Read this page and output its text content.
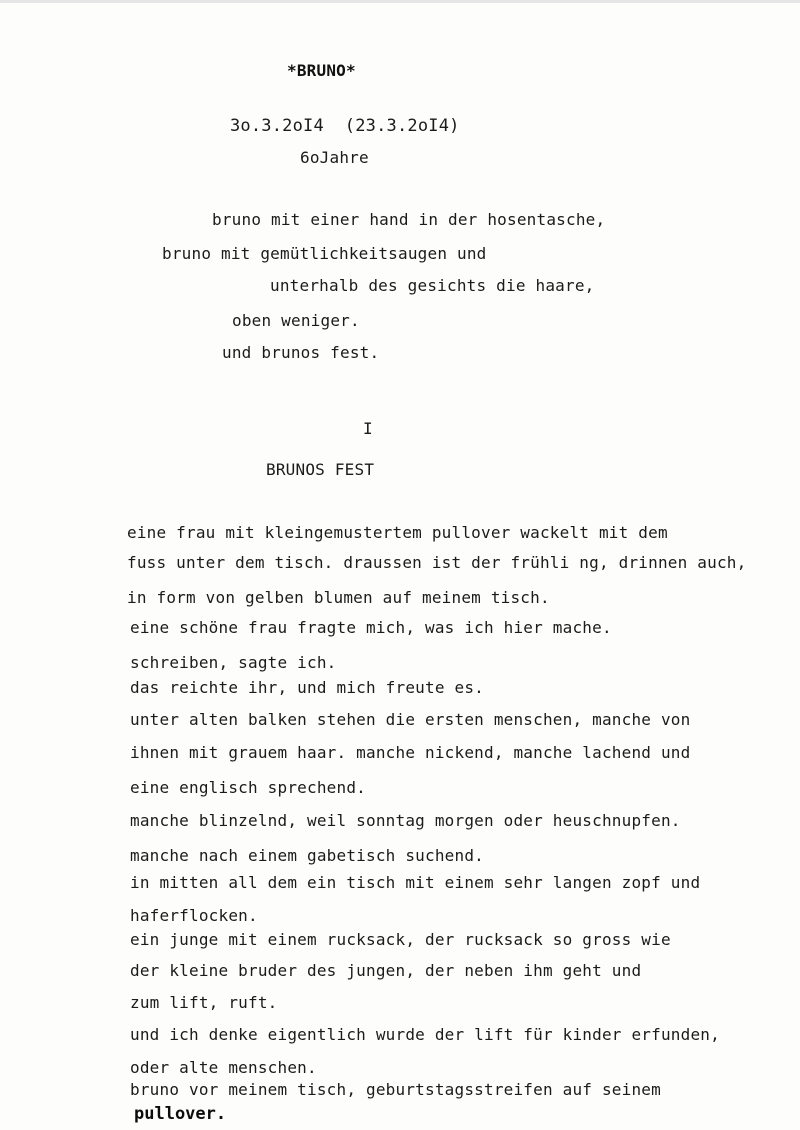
*BRUNO*
3o.3.2oI4  (23.3.2oI4)
6oJahre
bruno mit einer hand in der hosentasche,
bruno mit gemütlichkeitsaugen und
unterhalb des gesichts die haare,
oben weniger.
und brunos fest.
I
BRUNOS FEST
eine frau mit kleingemustertem pullover wackelt mit dem
fuss unter dem tisch. draussen ist der frühli ng, drinnen auch,
in form von gelben blumen auf meinem tisch.
eine schöne frau fragte mich, was ich hier mache.
schreiben, sagte ich.
das reichte ihr, und mich freute es.
unter alten balken stehen die ersten menschen, manche von
ihnen mit grauem haar. manche nickend, manche lachend und
eine englisch sprechend.
manche blinzelnd, weil sonntag morgen oder heuschnupfen.
manche nach einem gabetisch suchend.
in mitten all dem ein tisch mit einem sehr langen zopf und
haferflocken.
ein junge mit einem rucksack, der rucksack so gross wie
der kleine bruder des jungen, der neben ihm geht und
zum lift, ruft.
und ich denke eigentlich wurde der lift für kinder erfunden,
oder alte menschen.
bruno vor meinem tisch, geburtstagsstreifen auf seinem
pullover.
